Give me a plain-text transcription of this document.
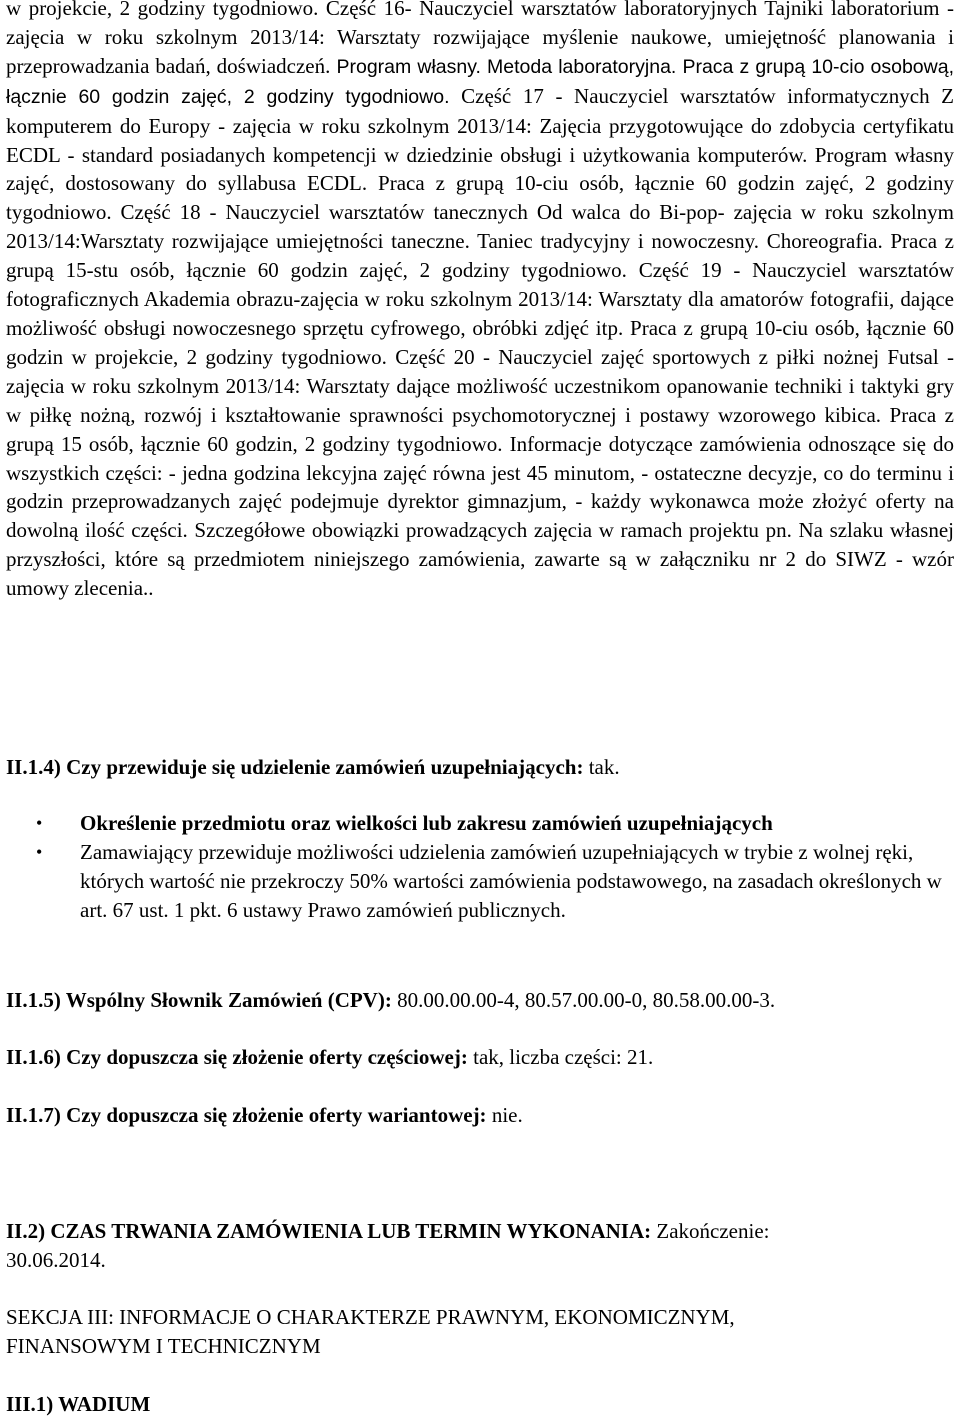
w projekcie, 2 godziny tygodniowo. Część 16- Nauczyciel warsztatów laboratoryjnych Tajniki laboratorium -zajęcia w roku szkolnym 2013/14: Warsztaty rozwijające myślenie naukowe, umiejętność planowania i przeprowadzania badań, doświadczeń. Program własny. Metoda laboratoryjna. Praca z grupą 10-cio osobową, łącznie 60 godzin zajęć, 2 godziny tygodniowo. Część 17 - Nauczyciel warsztatów informatycznych Z komputerem do Europy - zajęcia w roku szkolnym 2013/14: Zajęcia przygotowujące do zdobycia certyfikatu ECDL - standard posiadanych kompetencji w dziedzinie obsługi i użytkowania komputerów. Program własny zajęć, dostosowany do syllabusa ECDL. Praca z grupą 10-ciu osób, łącznie 60 godzin zajęć, 2 godziny tygodniowo. Część 18 - Nauczyciel warsztatów tanecznych Od walca do Bi-pop- zajęcia w roku szkolnym 2013/14:Warsztaty rozwijające umiejętności taneczne. Taniec tradycyjny i nowoczesny. Choreografia. Praca z grupą 15-stu osób, łącznie 60 godzin zajęć, 2 godziny tygodniowo. Część 19 - Nauczyciel warsztatów fotograficznych Akademia obrazu-zajęcia w roku szkolnym 2013/14: Warsztaty dla amatorów fotografii, dające możliwość obsługi nowoczesnego sprzętu cyfrowego, obróbki zdjęć itp. Praca z grupą 10-ciu osób, łącznie 60 godzin w projekcie, 2 godziny tygodniowo. Część 20 - Nauczyciel zajęć sportowych z piłki nożnej Futsal - zajęcia w roku szkolnym 2013/14: Warsztaty dające możliwość uczestnikom opanowanie techniki i taktyki gry w piłkę nożną, rozwój i kształtowanie sprawności psychomotorycznej i postawy wzorowego kibica. Praca z grupą 15 osób, łącznie 60 godzin, 2 godziny tygodniowo. Informacje dotyczące zamówienia odnoszące się do wszystkich części: - jedna godzina lekcyjna zajęć równa jest 45 minutom, - ostateczne decyzje, co do terminu i godzin przeprowadzanych zajęć podejmuje dyrektor gimnazjum, - każdy wykonawca może złożyć oferty na dowolną ilość części. Szczegółowe obowiązki prowadzących zajęcia w ramach projektu pn. Na szlaku własnej przyszłości, które są przedmiotem niniejszego zamówienia, zawarte są w załączniku nr 2 do SIWZ - wzór umowy zlecenia..

II.1.4) Czy przewiduje się udzielenie zamówień uzupełniających: tak.

• Określenie przedmiotu oraz wielkości lub zakresu zamówień uzupełniających
• Zamawiający przewiduje możliwości udzielenia zamówień uzupełniających w trybie z wolnej ręki, których wartość nie przekroczy 50% wartości zamówienia podstawowego, na zasadach określonych w art. 67 ust. 1 pkt. 6 ustawy Prawo zamówień publicznych.

II.1.5) Wspólny Słownik Zamówień (CPV): 80.00.00.00-4, 80.57.00.00-0, 80.58.00.00-3.

II.1.6) Czy dopuszcza się złożenie oferty częściowej: tak, liczba części: 21.

II.1.7) Czy dopuszcza się złożenie oferty wariantowej: nie.

II.2) CZAS TRWANIA ZAMÓWIENIA LUB TERMIN WYKONANIA: Zakończenie:

30.06.2014.

SEKCJA III: INFORMACJE O CHARAKTERZE PRAWNYM, EKONOMICZNYM,

FINANSOWYM I TECHNICZNYM

III.1) WADIUM
